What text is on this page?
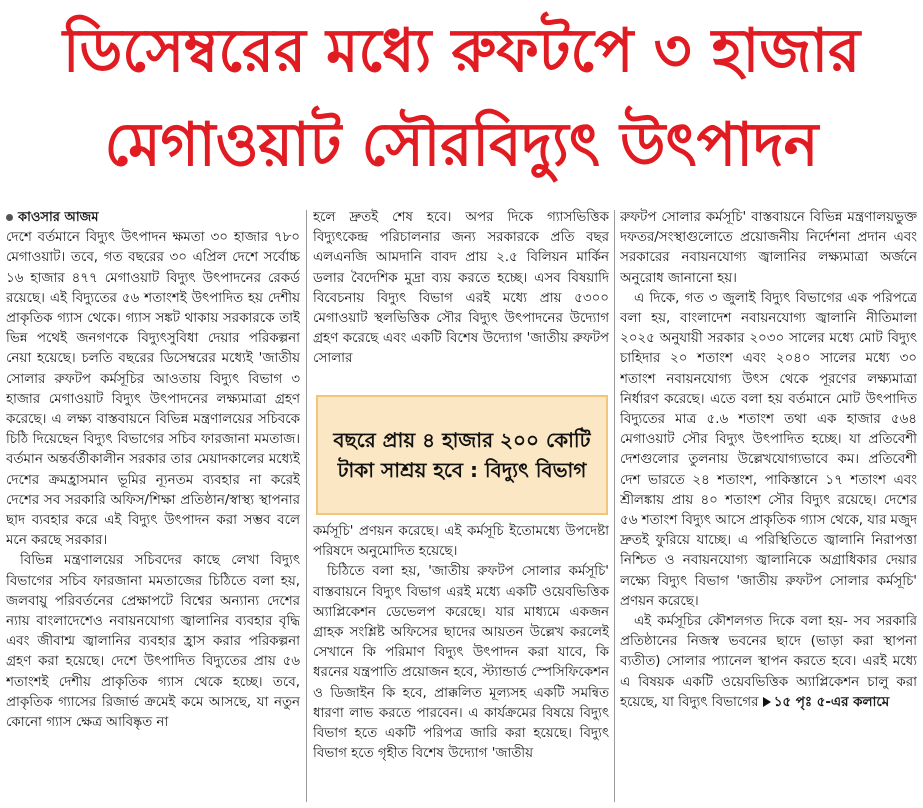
ডিসেম্বরের মধ্যে রুফটপে ৩ হাজার
মেগাওয়াট সৌরবিদ্যুৎ উৎপাদন

কাওসার আজম

দেশে বর্তমানে বিদ্যুৎ উৎপাদন ক্ষমতা ৩০ হাজার ৭৮০ মেগাওয়াট। তবে, গত বছরের ৩০ এপ্রিল দেশে সর্বোচ্চ ১৬ হাজার ৪৭৭ মেগাওয়াট বিদ্যুৎ উৎপাদনের রেকর্ড রয়েছে। এই বিদ্যুতের ৫৬ শতাংশই উৎপাদিত হয় দেশীয় প্রাকৃতিক গ্যাস থেকে। গ্যাস সঙ্কট থাকায় সরকারকে তাই ভিন্ন পথেই জনগণকে বিদ্যুৎসুবিধা দেয়ার পরিকল্পনা নেয়া হয়েছে। চলতি বছরের ডিসেম্বরের মধ্যেই 'জাতীয় সোলার রুফটপ কর্মসূচির আওতায় বিদ্যুৎ বিভাগ ৩ হাজার মেগাওয়াট বিদ্যুৎ উৎপাদনের লক্ষ্যমাত্রা গ্রহণ করেছে। এ লক্ষ্য বাস্তবায়নে বিভিন্ন মন্ত্রণালয়ের সচিবকে চিঠি দিয়েছেন বিদ্যুৎ বিভাগের সচিব ফারজানা মমতাজ। বর্তমান অন্তর্বর্তীকালীন সরকার তার মেয়াদকালের মধ্যেই দেশের ক্রমহ্রাসমান ভূমির ন্যূনতম ব্যবহার না করেই দেশের সব সরকারি অফিস/শিক্ষা প্রতিষ্ঠান/স্বাস্থ্য স্থাপনার ছাদ ব্যবহার করে এই বিদ্যুৎ উৎপাদন করা সম্ভব বলে মনে করছে সরকার।

বিভিন্ন মন্ত্রণালয়ের সচিবদের কাছে লেখা বিদ্যুৎ বিভাগের সচিব ফারজানা মমতাজের চিঠিতে বলা হয়, জলবায়ু পরিবর্তনের প্রেক্ষাপটে বিশ্বের অন্যান্য দেশের ন্যায় বাংলাদেশেও নবায়নযোগ্য জ্বালানির ব্যবহার বৃদ্ধি এবং জীবাশ্ম জ্বালানির ব্যবহার হ্রাস করার পরিকল্পনা গ্রহণ করা হয়েছে। দেশে উৎপাদিত বিদ্যুতের প্রায় ৫৬ শতাংশই দেশীয় প্রাকৃতিক গ্যাস থেকে হচ্ছে। তবে, প্রাকৃতিক গ্যাসের রিজার্ভ ক্রমেই কমে আসছে, যা নতুন কোনো গ্যাস ক্ষেত্র আবিষ্কৃত না

হলে দ্রুতই শেষ হবে। অপর দিকে গ্যাসভিত্তিক বিদ্যুৎকেন্দ্র পরিচালনার জন্য সরকারকে প্রতি বছর এলএনজি আমদানি বাবদ প্রায় ২.৫ বিলিয়ন মার্কিন ডলার বৈদেশিক মুদ্রা ব্যয় করতে হচ্ছে। এসব বিষয়াদি বিবেচনায় বিদ্যুৎ বিভাগ এরই মধ্যে প্রায় ৫৩০০ মেগাওয়াট স্থলভিত্তিক সৌর বিদ্যুৎ উৎপাদনের উদ্যোগ গ্রহণ করেছে এবং একটি বিশেষ উদ্যোগ 'জাতীয় রুফটপ সোলার

বছরে প্রায় ৪ হাজার ২০০ কোটি টাকা সাশ্রয় হবে : বিদ্যুৎ বিভাগ

কর্মসূচি' প্রণয়ন করেছে। এই কর্মসূচি ইতোমধ্যে উপদেষ্টা পরিষদে অনুমোদিত হয়েছে।

চিঠিতে বলা হয়, 'জাতীয় রুফটপ সোলার কর্মসূচি' বাস্তবায়নে বিদ্যুৎ বিভাগ এরই মধ্যে একটি ওয়েবভিত্তিক অ্যাপ্লিকেশন ডেভেলপ করেছে। যার মাধ্যমে একজন গ্রাহক সংশ্লিষ্ট অফিসের ছাদের আয়তন উল্লেখ করলেই সেখানে কি পরিমাণ বিদ্যুৎ উৎপাদন করা যাবে, কি ধরনের যন্ত্রপাতি প্রয়োজন হবে, স্ট্যান্ডার্ড স্পেসিফিকেশন ও ডিজাইন কি হবে, প্রাক্কলিত মূল্যসহ একটি সমন্বিত ধারণা লাভ করতে পারবেন। এ কার্যক্রমের বিষয়ে বিদ্যুৎ বিভাগ হতে একটি পরিপত্র জারি করা হয়েছে। বিদ্যুৎ বিভাগ হতে গৃহীত বিশেষ উদ্যোগ 'জাতীয়

রুফটপ সোলার কর্মসূচি' বাস্তবায়নে বিভিন্ন মন্ত্রণালয়ভুক্ত দফতর/সংস্থাগুলোতে প্রয়োজনীয় নির্দেশনা প্রদান এবং সরকারের নবায়নযোগ্য জ্বালানির লক্ষ্যমাত্রা অর্জনে অনুরোধ জানানো হয়।

এ দিকে, গত ৩ জুলাই বিদ্যুৎ বিভাগের এক পরিপত্রে বলা হয়, বাংলাদেশ নবায়নযোগ্য জ্বালানি নীতিমালা ২০২৫ অনুযায়ী সরকার ২০৩০ সালের মধ্যে মোট বিদ্যুৎ চাহিদার ২০ শতাংশ এবং ২০৪০ সালের মধ্যে ৩০ শতাংশ নবায়নযোগ্য উৎস থেকে পূরণের লক্ষ্যমাত্রা নির্ধারণ করেছে। এতে বলা হয় বর্তমানে মোট উৎপাদিত বিদ্যুতের মাত্র ৫.৬ শতাংশ তথা এক হাজার ৫৬৪ মেগাওয়াট সৌর বিদ্যুৎ উৎপাদিত হচ্ছে। যা প্রতিবেশী দেশগুলোর তুলনায় উল্লেখযোগ্যভাবে কম। প্রতিবেশী দেশ ভারতে ২৪ শতাংশ, পাকিস্তানে ১৭ শতাংশ এবং শ্রীলঙ্কায় প্রায় ৪০ শতাংশ সৌর বিদ্যুৎ রয়েছে। দেশের ৫৬ শতাংশ বিদ্যুৎ আসে প্রাকৃতিক গ্যাস থেকে, যার মজুদ দ্রুতই ফুরিয়ে যাচ্ছে। এ পরিস্থিতিতে জ্বালানি নিরাপত্তা নিশ্চিত ও নবায়নযোগ্য জ্বালানিকে অগ্রাধিকার দেয়ার লক্ষ্যে বিদ্যুৎ বিভাগ 'জাতীয় রুফটপ সোলার কর্মসূচি' প্রণয়ন করেছে।

এই কর্মসূচির কৌশলগত দিকে বলা হয়- সব সরকারি প্রতিষ্ঠানের নিজস্ব ভবনের ছাদে (ভাড়া করা স্থাপনা ব্যতীত) সোলার প্যানেল স্থাপন করতে হবে। এরই মধ্যে এ বিষয়ক একটি ওয়েবভিত্তিক অ্যাপ্লিকেশন চালু করা হয়েছে, যা বিদ্যুৎ বিভাগের ১৫ পৃঃ ৫-এর কলামে
